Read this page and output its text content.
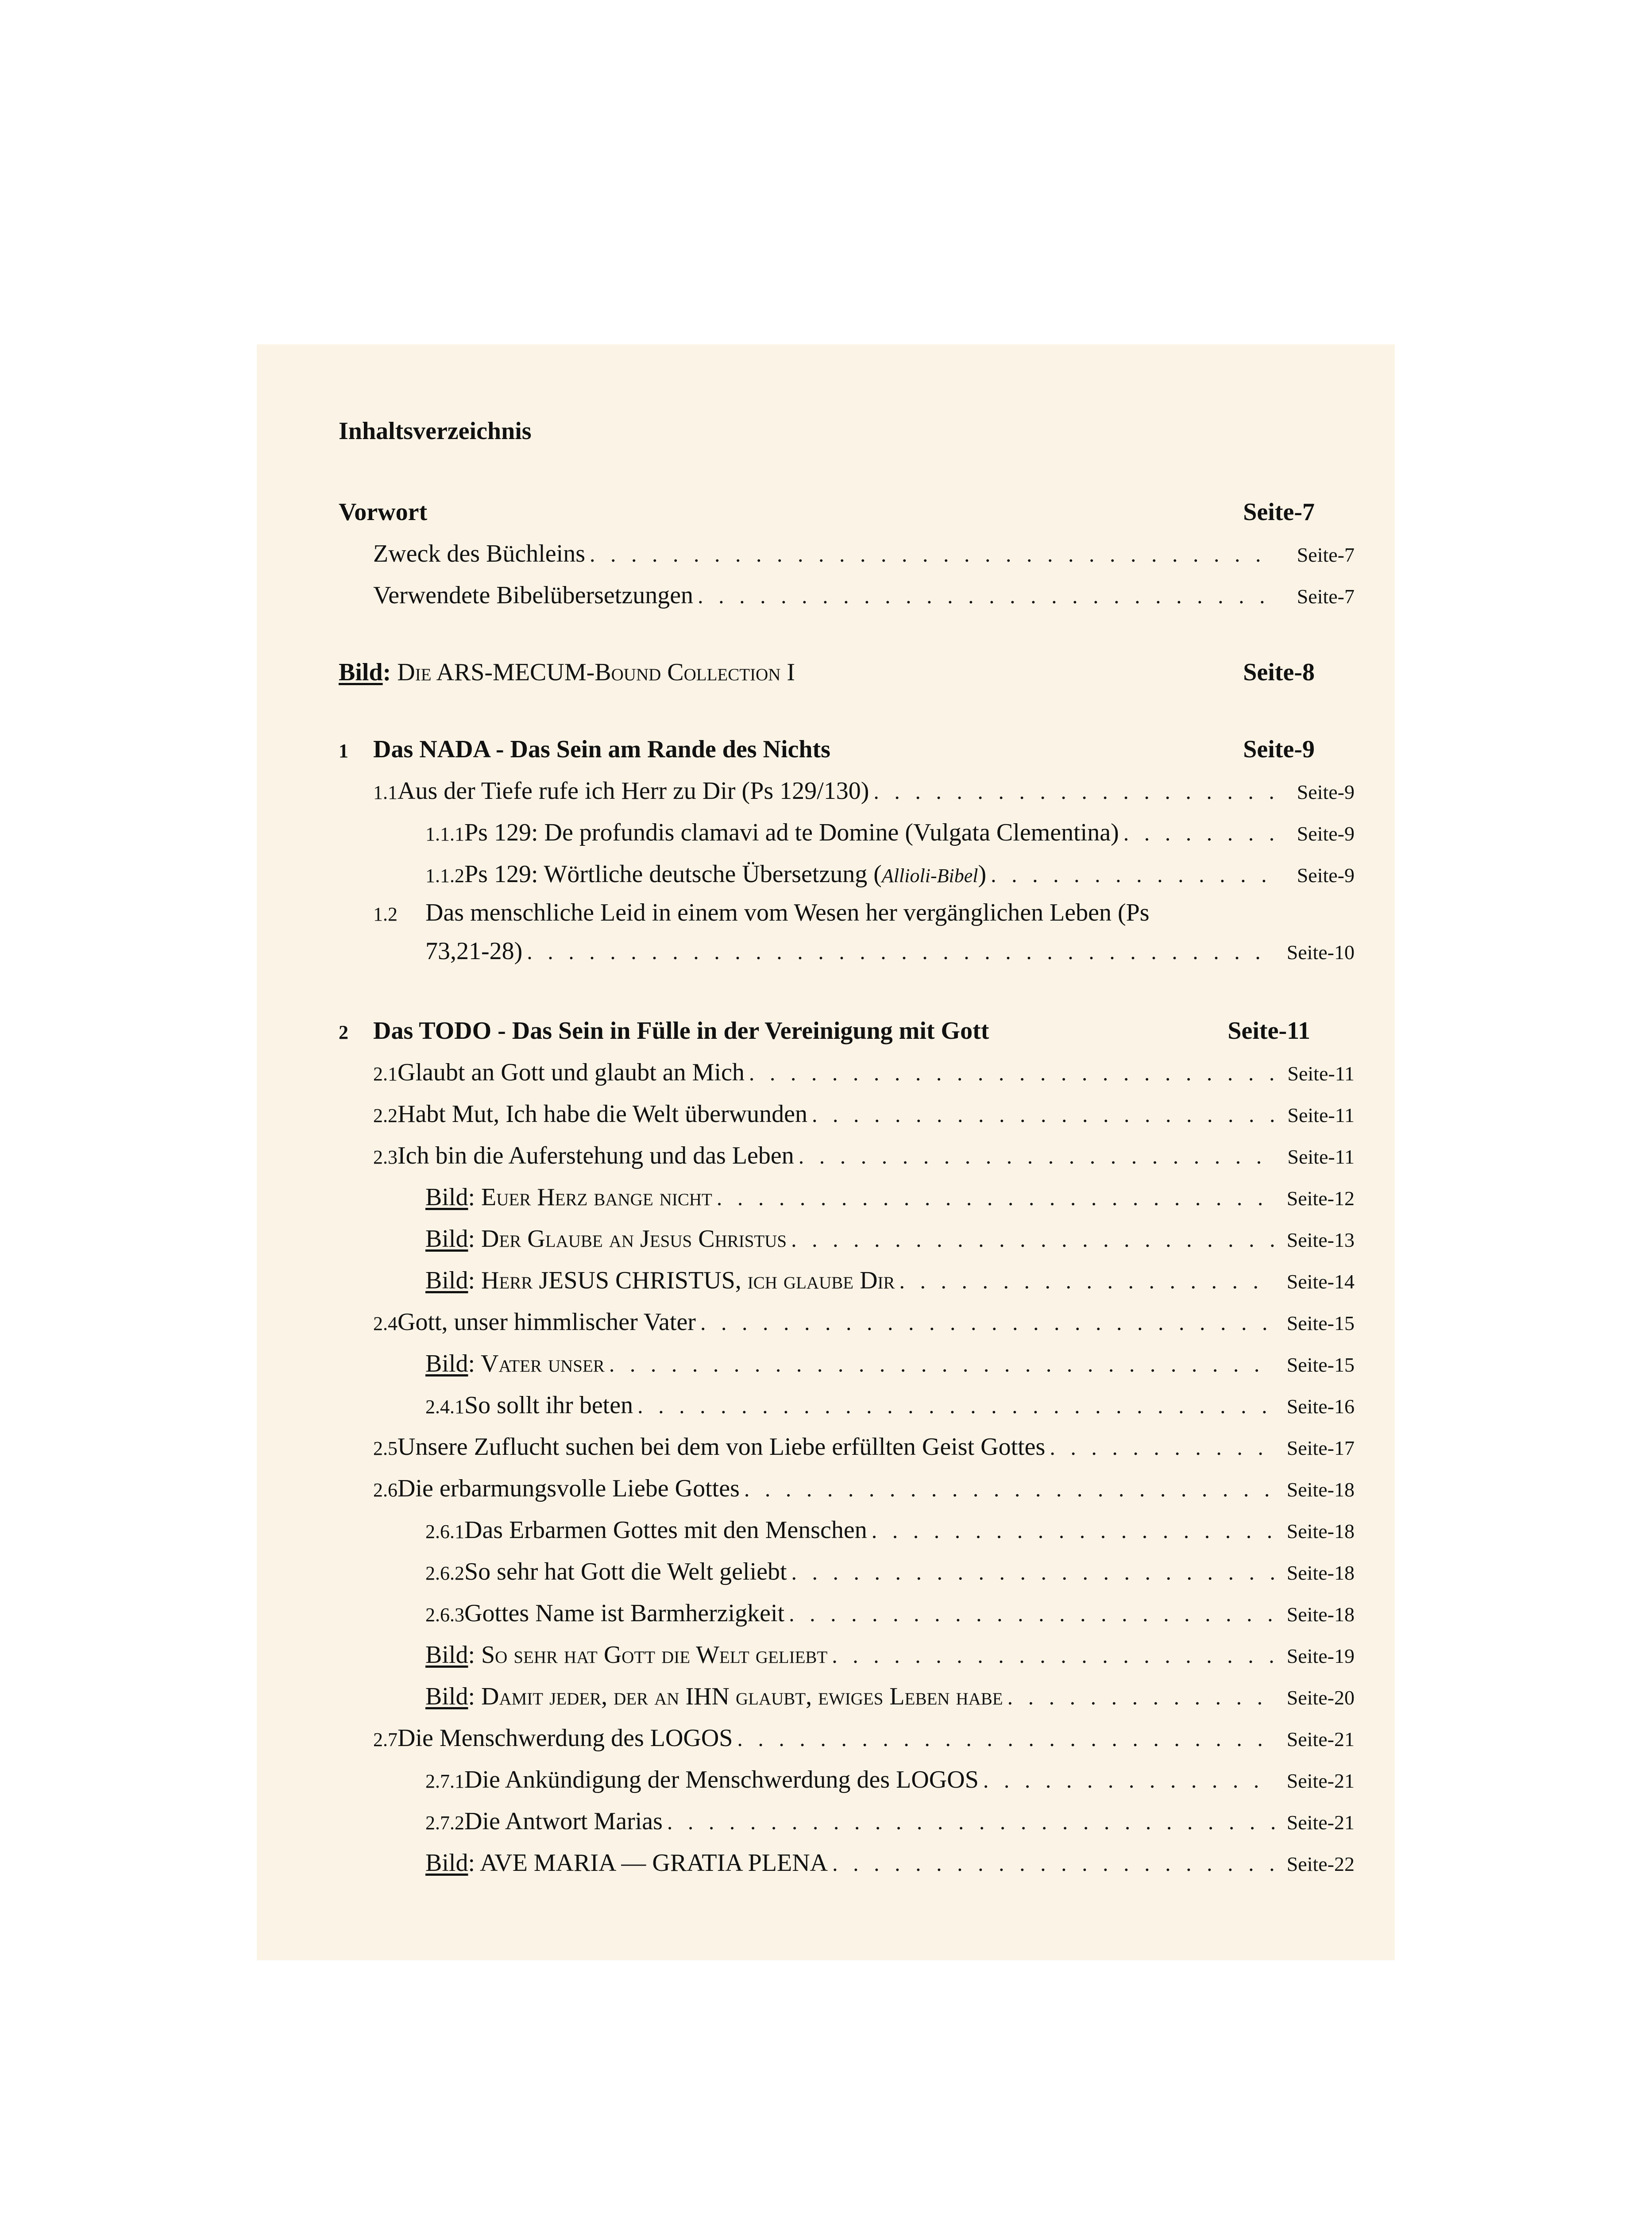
Inhaltsverzeichnis
Vorwort	Seite-7
Zweck des Büchleins . . .	Seite-7
Verwendete Bibelübersetzungen . . .	Seite-7
Bild: Die ARS-MECUM-Bound Collection I	Seite-8
1	Das NADA - Das Sein am Rande des Nichts	Seite-9
1.1 Aus der Tiefe rufe ich Herr zu Dir (Ps 129/130) . . .	Seite-9
1.1.1 Ps 129: De profundis clamavi ad te Domine (Vulgata Clementina) . . .	Seite-9
1.1.2 Ps 129: Wörtliche deutsche Übersetzung (Allioli-Bibel) . . .	Seite-9
1.2	Das menschliche Leid in einem vom Wesen her vergänglichen Leben (Ps
73,21-28) . . .	Seite-10
2	Das TODO - Das Sein in Fülle in der Vereinigung mit Gott	Seite-11
2.1 Glaubt an Gott und glaubt an Mich . . .	Seite-11
2.2 Habt Mut, Ich habe die Welt überwunden . . .	Seite-11
2.3 Ich bin die Auferstehung und das Leben . . .	Seite-11
Bild: Euer Herz bange nicht . . .	Seite-12
Bild: Der Glaube an Jesus Christus . . .	Seite-13
Bild: Herr JESUS CHRISTUS, ich glaube Dir . . .	Seite-14
2.4 Gott, unser himmlischer Vater . . .	Seite-15
Bild: Vater unser . . .	Seite-15
2.4.1 So sollt ihr beten . . .	Seite-16
2.5 Unsere Zuflucht suchen bei dem von Liebe erfüllten Geist Gottes . . .	Seite-17
2.6 Die erbarmungsvolle Liebe Gottes . . .	Seite-18
2.6.1 Das Erbarmen Gottes mit den Menschen . . .	Seite-18
2.6.2 So sehr hat Gott die Welt geliebt . . .	Seite-18
2.6.3 Gottes Name ist Barmherzigkeit . . .	Seite-18
Bild: So sehr hat Gott die Welt geliebt . . .	Seite-19
Bild: Damit jeder, der an IHN glaubt, ewiges Leben habe . . .	Seite-20
2.7 Die Menschwerdung des LOGOS . . .	Seite-21
2.7.1 Die Ankündigung der Menschwerdung des LOGOS . . .	Seite-21
2.7.2 Die Antwort Marias . . .	Seite-21
Bild: AVE MARIA — GRATIA PLENA . . .	Seite-22
